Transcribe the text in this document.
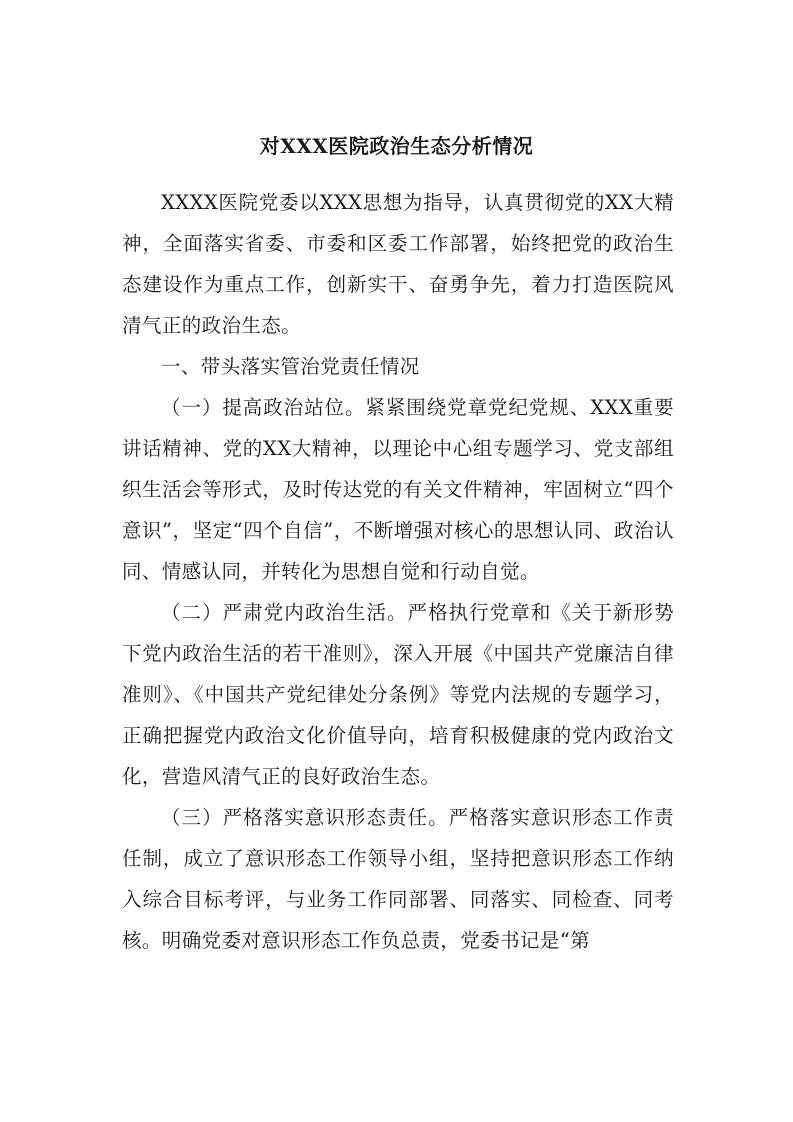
对XXX医院政治生态分析情况

XXXX医院党委以XXX思想为指导，认真贯彻党的XX大精神，全面落实省委、市委和区委工作部署，始终把党的政治生态建设作为重点工作，创新实干、奋勇争先，着力打造医院风清气正的政治生态。

一、带头落实管治党责任情况

（一）提高政治站位。紧紧围绕党章党纪党规、XXX重要讲话精神、党的XX大精神，以理论中心组专题学习、党支部组织生活会等形式，及时传达党的有关文件精神，牢固树立“四个意识”，坚定“四个自信”，不断增强对核心的思想认同、政治认同、情感认同，并转化为思想自觉和行动自觉。

（二）严肃党内政治生活。严格执行党章和《关于新形势下党内政治生活的若干准则》，深入开展《中国共产党廉洁自律准则》、《中国共产党纪律处分条例》等党内法规的专题学习，正确把握党内政治文化价值导向，培育积极健康的党内政治文化，营造风清气正的良好政治生态。

（三）严格落实意识形态责任。严格落实意识形态工作责任制，成立了意识形态工作领导小组，坚持把意识形态工作纳入综合目标考评，与业务工作同部署、同落实、同检查、同考核。明确党委对意识形态工作负总责，党委书记是“第
